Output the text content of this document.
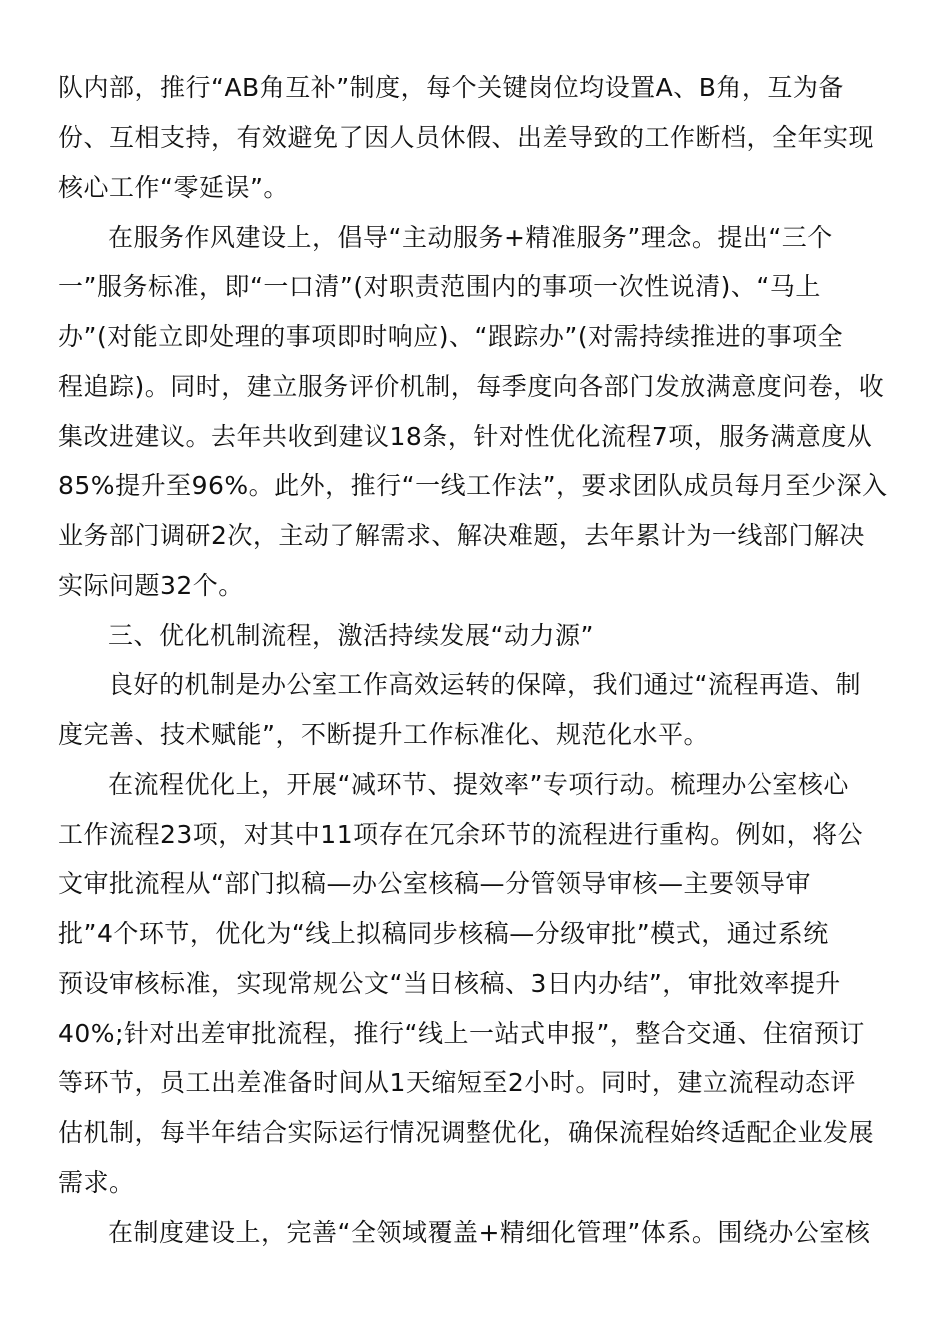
队内部，推行“AB角互补”制度，每个关键岗位均设置A、B角，互为备
份、互相支持，有效避免了因人员休假、出差导致的工作断档，全年实现
核心工作“零延误”。
在服务作风建设上，倡导“主动服务+精准服务”理念。提出“三个
一”服务标准，即“一口清”(对职责范围内的事项一次性说清)、“马上
办”(对能立即处理的事项即时响应)、“跟踪办”(对需持续推进的事项全
程追踪)。同时，建立服务评价机制，每季度向各部门发放满意度问卷，收
集改进建议。去年共收到建议18条，针对性优化流程7项，服务满意度从
85%提升至96%。此外，推行“一线工作法”，要求团队成员每月至少深入
业务部门调研2次，主动了解需求、解决难题，去年累计为一线部门解决
实际问题32个。
三、优化机制流程，激活持续发展“动力源”
良好的机制是办公室工作高效运转的保障，我们通过“流程再造、制
度完善、技术赋能”，不断提升工作标准化、规范化水平。
在流程优化上，开展“减环节、提效率”专项行动。梳理办公室核心
工作流程23项，对其中11项存在冗余环节的流程进行重构。例如，将公
文审批流程从“部门拟稿—办公室核稿—分管领导审核—主要领导审
批”4个环节，优化为“线上拟稿同步核稿—分级审批”模式，通过系统
预设审核标准，实现常规公文“当日核稿、3日内办结”，审批效率提升
40%;针对出差审批流程，推行“线上一站式申报”，整合交通、住宿预订
等环节，员工出差准备时间从1天缩短至2小时。同时，建立流程动态评
估机制，每半年结合实际运行情况调整优化，确保流程始终适配企业发展
需求。
在制度建设上，完善“全领域覆盖+精细化管理”体系。围绕办公室核
